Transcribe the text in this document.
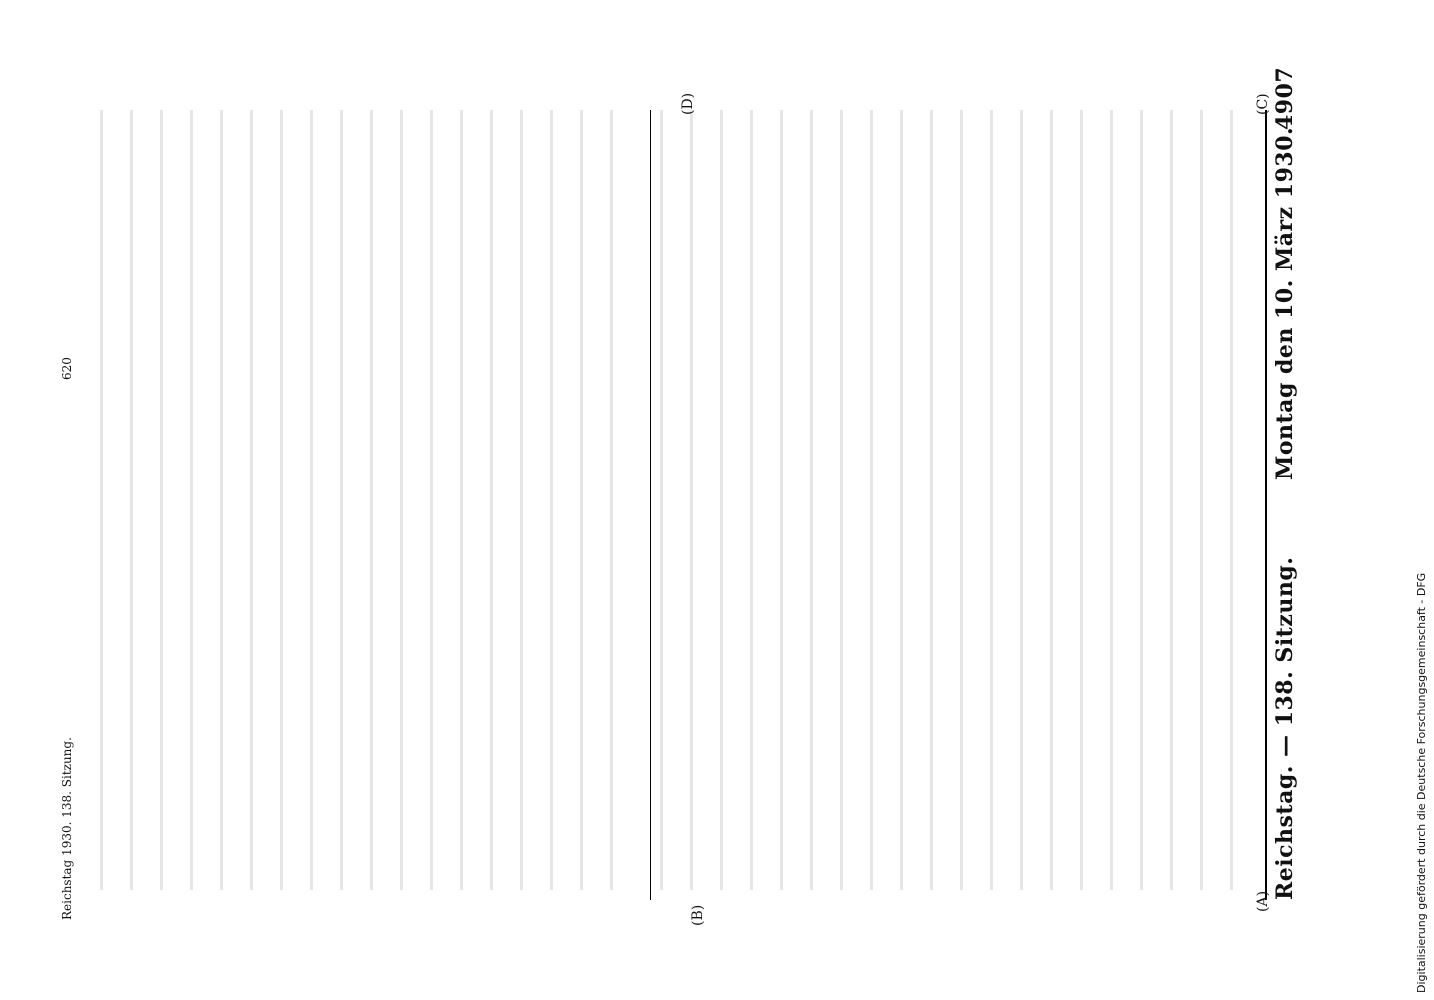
Reichstag. — 138. Sitzung.
Montag den 10. März 1930.
4907
(A)
(B)
(C)
(D)
Reichstag 1930. 138. Sitzung.
620
Digitalisierung gefördert durch die Deutsche Forschungsgemeinschaft - DFG
